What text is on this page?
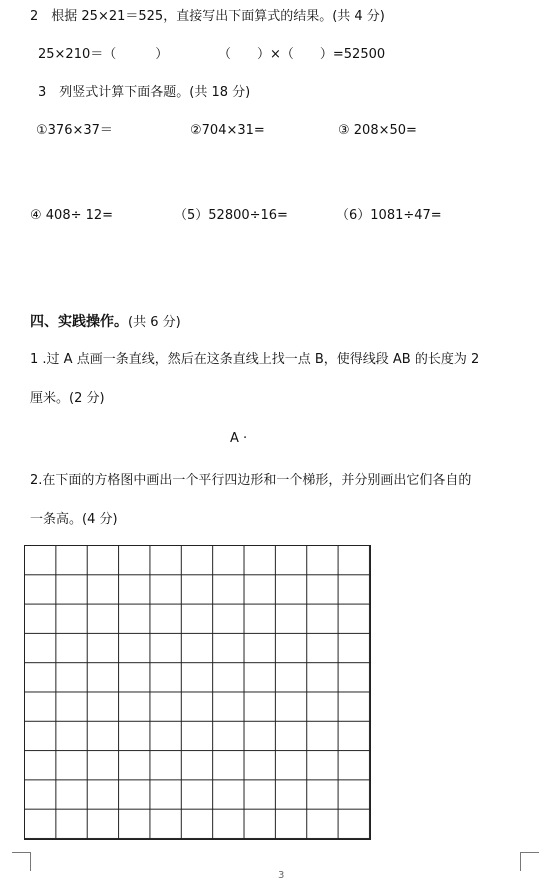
2　根据 25×21＝525，直接写出下面算式的结果。(共 4 分)
25×210＝（　　　）	（　　）×（　　）=52500
3　列竖式计算下面各题。(共 18 分)
①376×37＝	②704×31=	③ 208×50=
④ 408÷ 12=	（5）52800÷16=	（6）1081÷47=
四、实践操作。(共 6 分)
1 .过 A 点画一条直线，然后在这条直线上找一点 B，使得线段 AB 的长度为 2
厘米。(2 分)
A ·
2.在下面的方格图中画出一个平行四边形和一个梯形，并分别画出它们各自的
一条高。(4 分)
3
